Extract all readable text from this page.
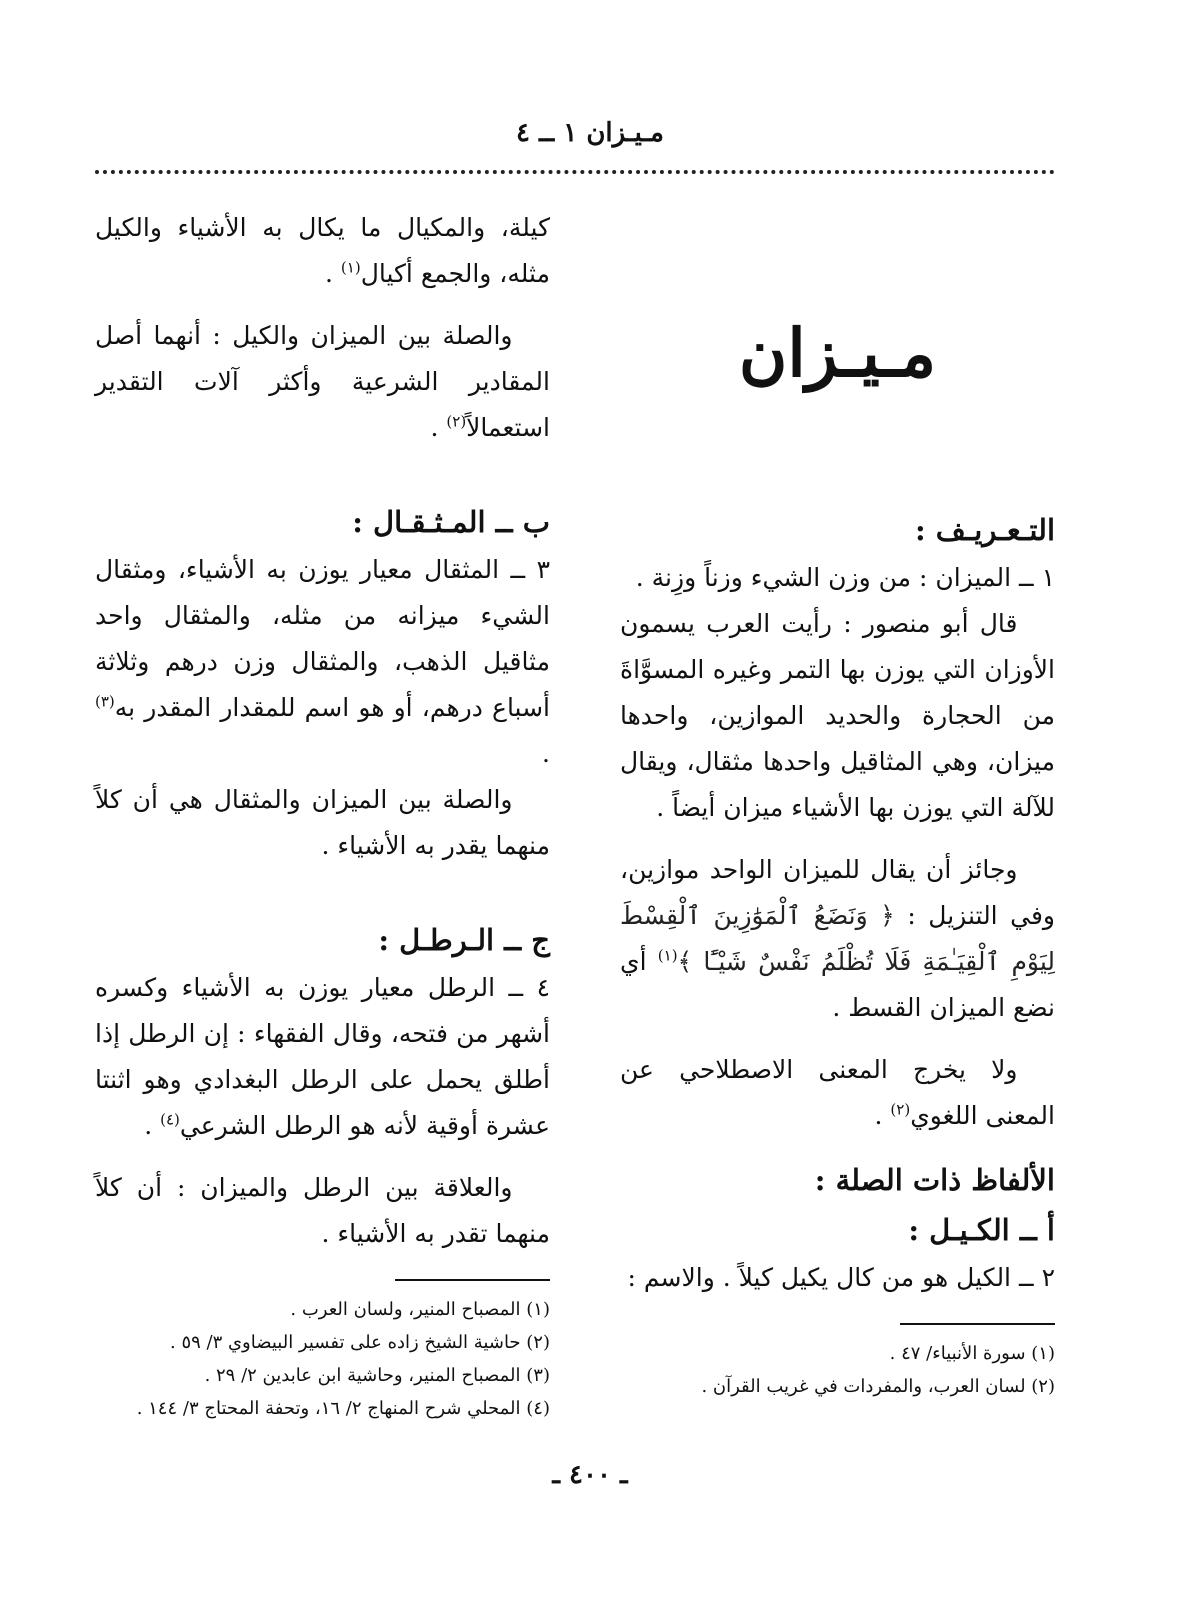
مـيـزان ١ ــ ٤
مـيـزان
التـعـريـف :

١ ــ الميزان : من وزن الشيء وزناً وزِنة .

قال أبو منصور : رأيت العرب يسمون الأوزان التي يوزن بها التمر وغيره المسوَّاةَ من الحجارة والحديد الموازين، واحدها ميزان، وهي المثاقيل واحدها مثقال، ويقال للآلة التي يوزن بها الأشياء ميزان أيضاً .

وجائز أن يقال للميزان الواحد موازين، وفي التنزيل : ﴿ وَنَضَعُ ٱلْمَوَٰزِينَ ٱلْقِسْطَ لِيَوْمِ ٱلْقِيَـٰمَةِ فَلَا تُظْلَمُ نَفْسٌ شَيْـًٔا ﴾$^{(١)}$ أي نضع الميزان القسط .

ولا يخرج المعنى الاصطلاحي عن المعنى اللغوي$^{(٢)}$ .

الألفاظ ذات الصلة :
أ ــ الكـيـل :

٢ ــ الكيل هو من كال يكيل كيلاً . والاسم :

(١) سورة الأنبياء/ ٤٧ .
(٢) لسان العرب، والمفردات في غريب القرآن .

كيلة، والمكيال ما يكال به الأشياء والكيل مثله، والجمع أكيال$^{(١)}$ .

والصلة بين الميزان والكيل : أنهما أصل المقادير الشرعية وأكثر آلات التقدير استعمالاً$^{(٢)}$ .

ب ــ المـثـقـال :

٣ ــ المثقال معيار يوزن به الأشياء، ومثقال الشيء ميزانه من مثله، والمثقال واحد مثاقيل الذهب، والمثقال وزن درهم وثلاثة أسباع درهم، أو هو اسم للمقدار المقدر به$^{(٣)}$ .

والصلة بين الميزان والمثقال هي أن كلاً منهما يقدر به الأشياء .

ج ــ الـرطـل :

٤ ــ الرطل معيار يوزن به الأشياء وكسره أشهر من فتحه، وقال الفقهاء : إن الرطل إذا أطلق يحمل على الرطل البغدادي وهو اثنتا عشرة أوقية لأنه هو الرطل الشرعي$^{(٤)}$ .

والعلاقة بين الرطل والميزان : أن كلاً منهما تقدر به الأشياء .

(١) المصباح المنير، ولسان العرب .
(٢) حاشية الشيخ زاده على تفسير البيضاوي ٣/ ٥٩ .
(٣) المصباح المنير، وحاشية ابن عابدين ٢/ ٢٩ .
(٤) المحلي شرح المنهاج ٢/ ١٦، وتحفة المحتاج ٣/ ١٤٤ .
ـ ٤٠٠ ـ
